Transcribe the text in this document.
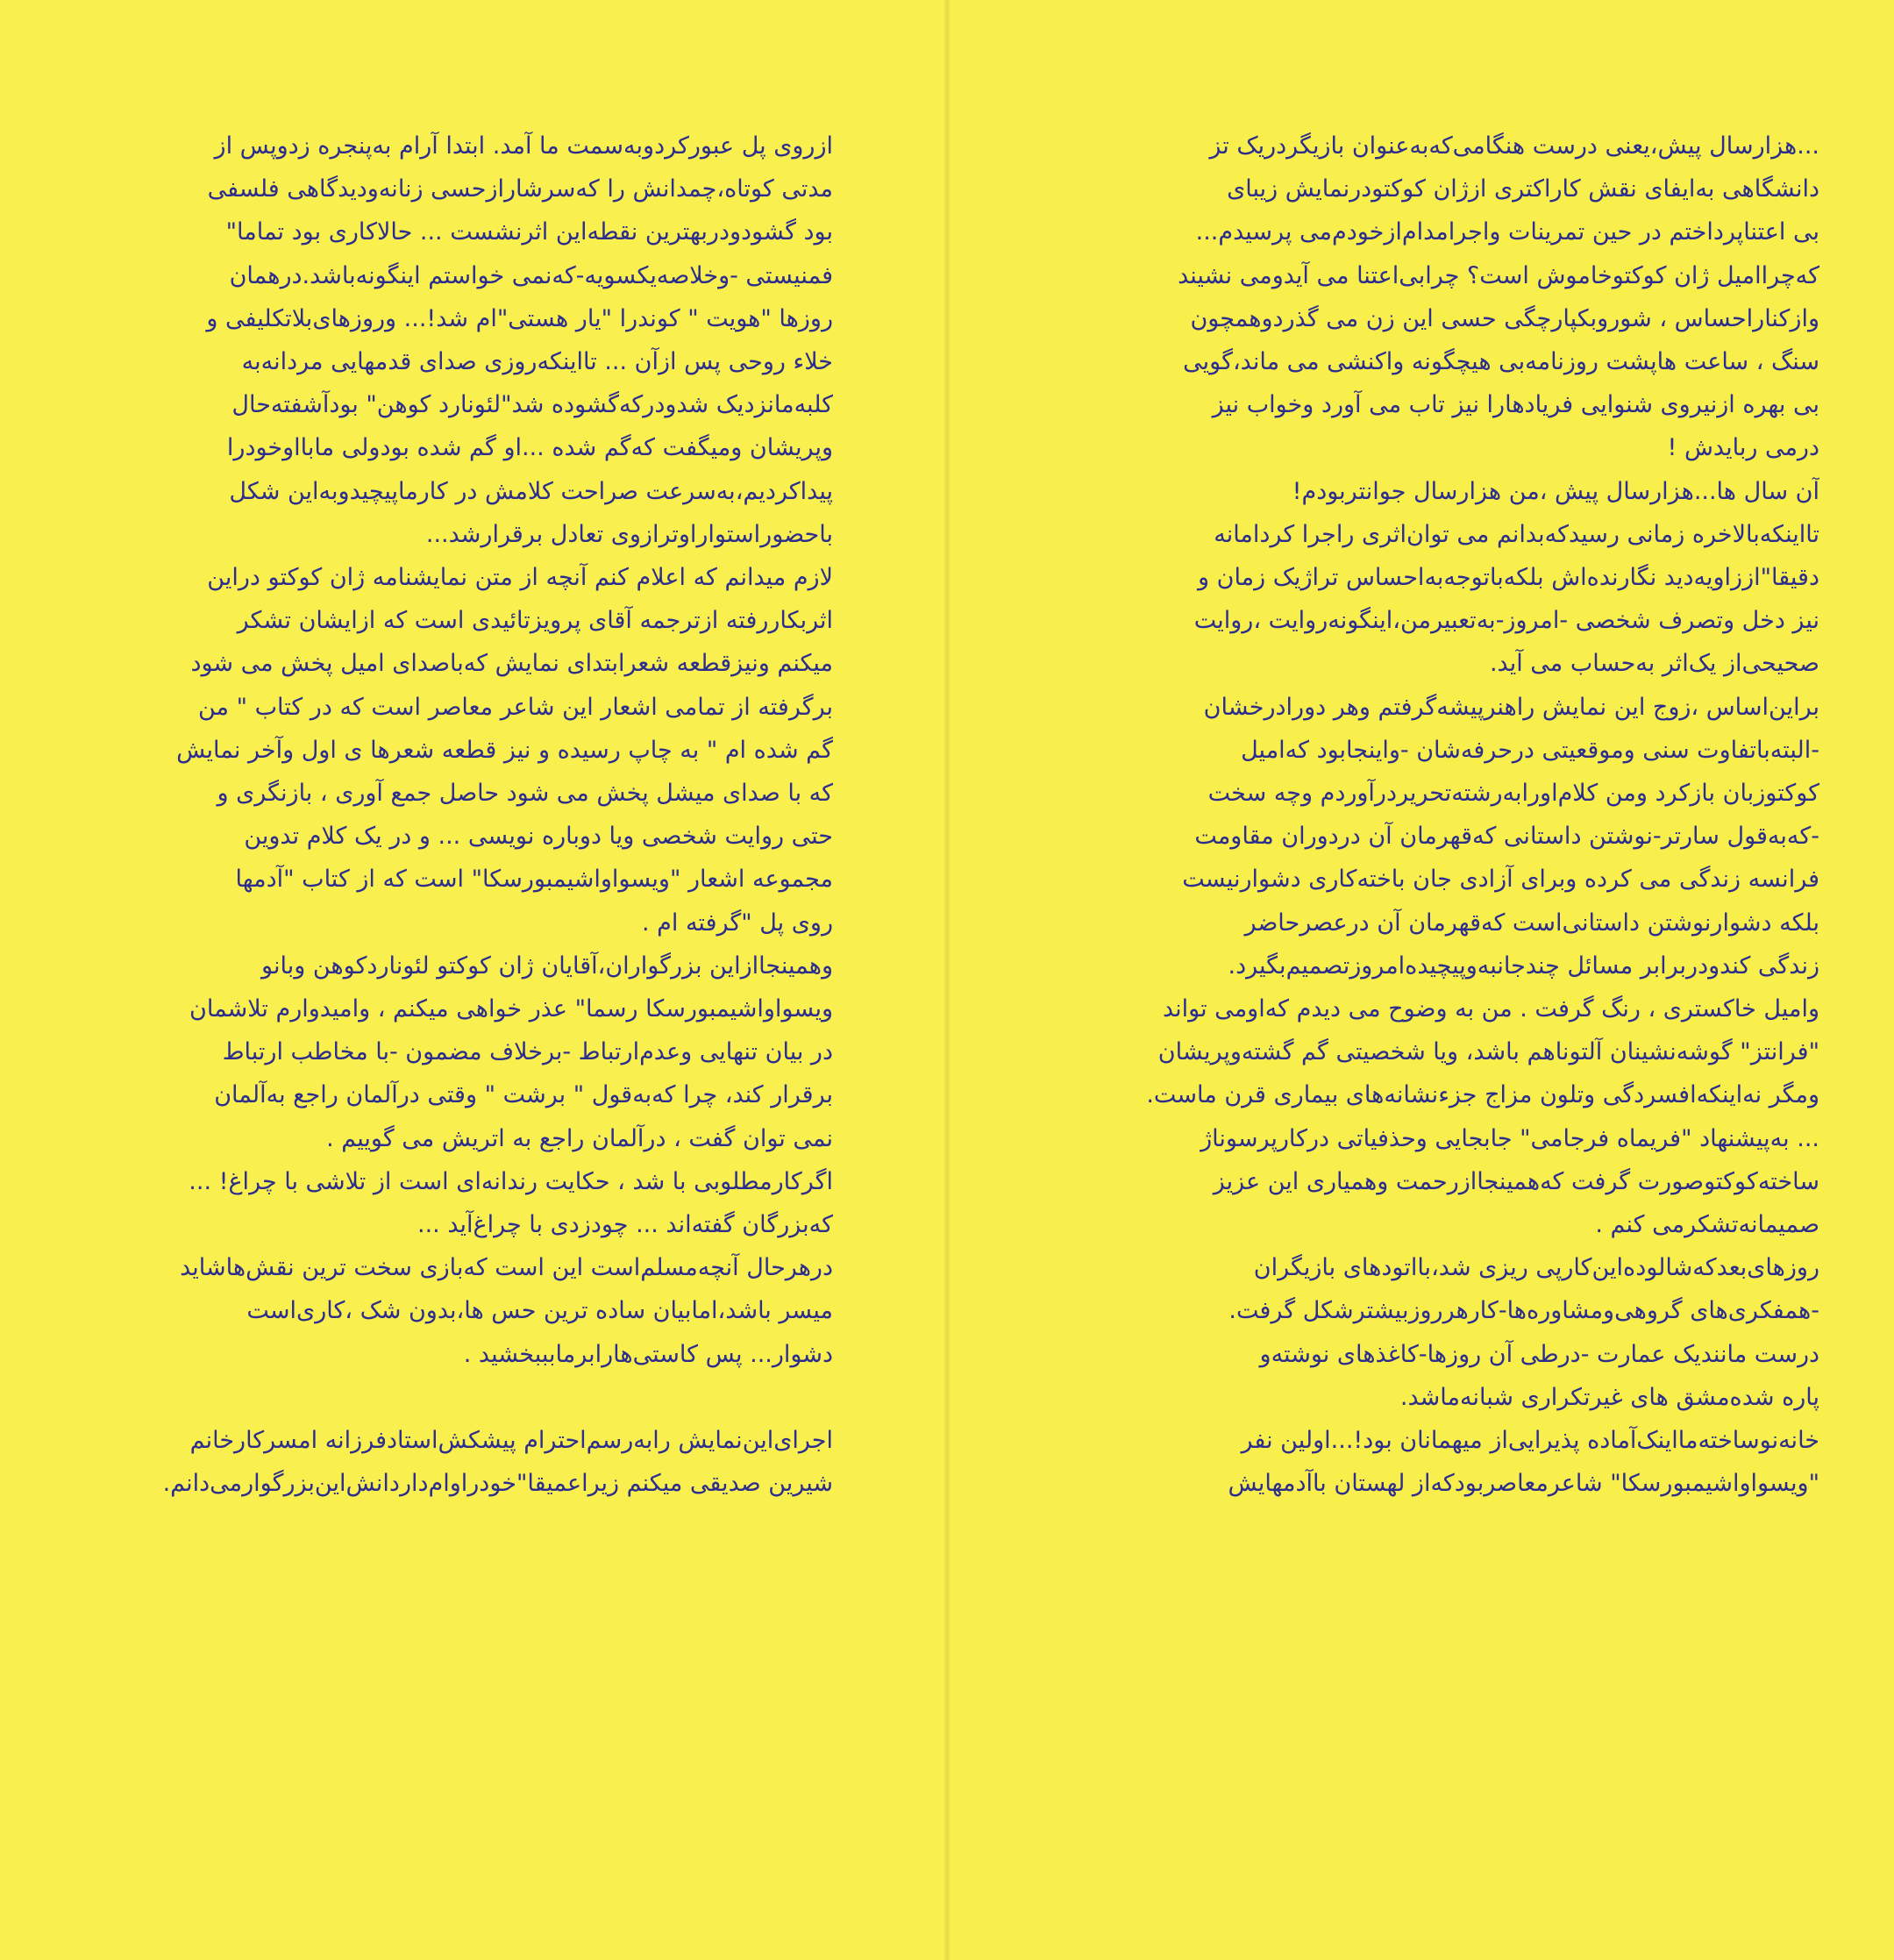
ازروی پل عبورکردوبه‌سمت ما آمد. ابتدا آرام به‌پنجره زدوپس از
مدتی کوتاه،چمدانش را که‌سرشارازحسی زنانه‌ودیدگاهی فلسفی
بود گشودودربهترین نقطه‌این اثرنشست ... حالاکاری بود تماما"
فمنیستی -وخلاصه‌یکسویه-که‌نمی خواستم اینگونه‌باشد.درهمان
روزها "هویت " کوندرا "یار هستی"ام شد!... وروزهای‌بلاتکلیفی و
خلاء روحی پس ازآن ... تااینکه‌روزی صدای قدمهایی مردانه‌به
کلبه‌مانزدیک شدودرکه‌گشوده شد"لئونارد کوهن" بودآشفته‌حال
وپریشان ومیگفت که‌گم شده ...او گم شده بودولی مابااوخودرا
پیداکردیم،به‌سرعت صراحت کلامش در کارماپیچیدوبه‌این شکل
باحضوراستواراوترازوی تعادل برقرارشد...
لازم میدانم که اعلام کنم آنچه از متن نمایشنامه ژان کوکتو دراین
اثربکاررفته ازترجمه آقای پرویزتائیدی است که ازایشان تشکر
میکنم ونیزقطعه شعرابتدای نمایش که‌باصدای امیل پخش می شود
برگرفته از تمامی اشعار این شاعر معاصر است که در کتاب " من
گم شده ام " به چاپ رسیده و نیز قطعه شعرها ی اول وآخر نمایش
که با صدای میشل پخش می شود حاصل جمع آوری ، بازنگری و
حتی روایت شخصی ویا دوباره نویسی ... و در یک کلام تدوین
مجموعه اشعار "ویسواواشیمبورسکا" است که از کتاب "آدمها
روی پل "گرفته ام .
وهمینجاازاین بزرگواران،آقایان ژان کوکتو لئوناردکوهن وبانو
ویسواواشیمبورسکا رسما" عذر خواهی میکنم ، وامیدوارم تلاشمان
در بیان تنهایی وعدم‌ارتباط -برخلاف مضمون -با مخاطب ارتباط
برقرار کند، چرا که‌به‌قول " برشت " وقتی درآلمان راجع به‌آلمان
نمی توان گفت ، درآلمان راجع به اتریش می گوییم .
اگرکارمطلوبی با شد ، حکایت رندانه‌ای است از تلاشی با چراغ! ...
که‌بزرگان گفته‌اند ... چودزدی با چراغ‌آید ...
درهرحال آنچه‌مسلم‌است این است که‌بازی سخت ترین نقش‌هاشاید
میسر باشد،امابیان ساده ترین حس ها،بدون شک ،کاری‌است
دشوار... پس کاستی‌هارابرمابببخشید .
اجرای‌این‌نمایش رابه‌رسم‌احترام پیشکش‌استادفرزانه امسرکارخانم
شیرین صدیقی میکنم زیراعمیقا"خودراوام‌داردانش‌این‌بزرگوارمی‌دانم.
...هزارسال پیش،یعنی درست هنگامی‌که‌به‌عنوان بازیگردریک تز
دانشگاهی به‌ایفای نقش کاراکتری ازژان کوکتودرنمایش زیبای
بی اعتناپرداختم در حین تمرینات واجرامدام‌ازخودم‌می پرسیدم...
که‌چراامیل ژان کوکتوخاموش است؟ چرابی‌اعتنا می آیدومی نشیند
وازکناراحساس ، شوروبکپارچگی حسی این زن می گذردوهمچون
سنگ ، ساعت هاپشت روزنامه‌بی هیچگونه واکنشی می ماند،گویی
بی بهره ازنیروی شنوایی فریادهارا نیز تاب می آورد وخواب نیز
درمی ربایدش !
آن سال ها...هزارسال پیش ،من هزارسال جوانتربودم!
تااینکه‌بالاخره زمانی رسیدکه‌بدانم می توان‌اثری راجرا کردامانه
دقیقا"اززاویه‌دید نگارنده‌اش بلکه‌باتوجه‌به‌احساس تراژیک زمان و
نیز دخل وتصرف شخصی -امروز-به‌تعبیرمن،اینگونه‌روایت ،روایت
صحیحی‌از یک‌اثر به‌حساب می آید.
براین‌اساس ،زوج این نمایش راهنرپیشه‌گرفتم وهر دورادرخشان
-البته‌باتفاوت سنی وموقعیتی درحرفه‌شان -واینجابود که‌امیل
کوکتوزبان بازکرد ومن کلام‌اورابه‌رشته‌تحریردرآوردم وچه سخت
-که‌به‌قول سارتر-نوشتن داستانی که‌قهرمان آن دردوران مقاومت
فرانسه زندگی می کرده وبرای آزادی جان باخته‌کاری دشوارنیست
بلکه دشوارنوشتن داستانی‌است که‌قهرمان آن درعصرحاضر
زندگی کندودربرابر مسائل چندجانبه‌وپیچیده‌امروزتصمیم‌بگیرد.
وامیل خاکستری ، رنگ گرفت . من به وضوح می دیدم که‌اومی تواند
"فرانتز" گوشه‌نشینان آلتوناهم باشد، ویا شخصیتی گم گشته‌وپریشان
ومگر نه‌اینکه‌افسردگی وتلون مزاج جزءنشانه‌های بیماری قرن ماست.
... به‌پیشنهاد "فریماه فرجامی" جابجایی وحذفیاتی درکارپرسوناژ
ساخته‌کوکتوصورت گرفت که‌همینجاازرحمت وهمیاری این عزیز
صمیمانه‌تشکرمی کنم .
روزهای‌بعدکه‌شالوده‌این‌کارپی ریزی شد،بااتودهای بازیگران
-همفکری‌های گروهی‌ومشاوره‌ها-کارهرروزبیشترشکل گرفت.
درست مانندیک عمارت -درطی آن روزها-کاغذهای نوشته‌و
پاره شده‌مشق های غیرتکراری شبانه‌ماشد.
خانه‌نوساخته‌مااینک‌آماده پذیرایی‌از میهمانان بود!...اولین نفر
"ویسواواشیمبورسکا" شاعرمعاصربودکه‌از لهستان باآدمهایش
